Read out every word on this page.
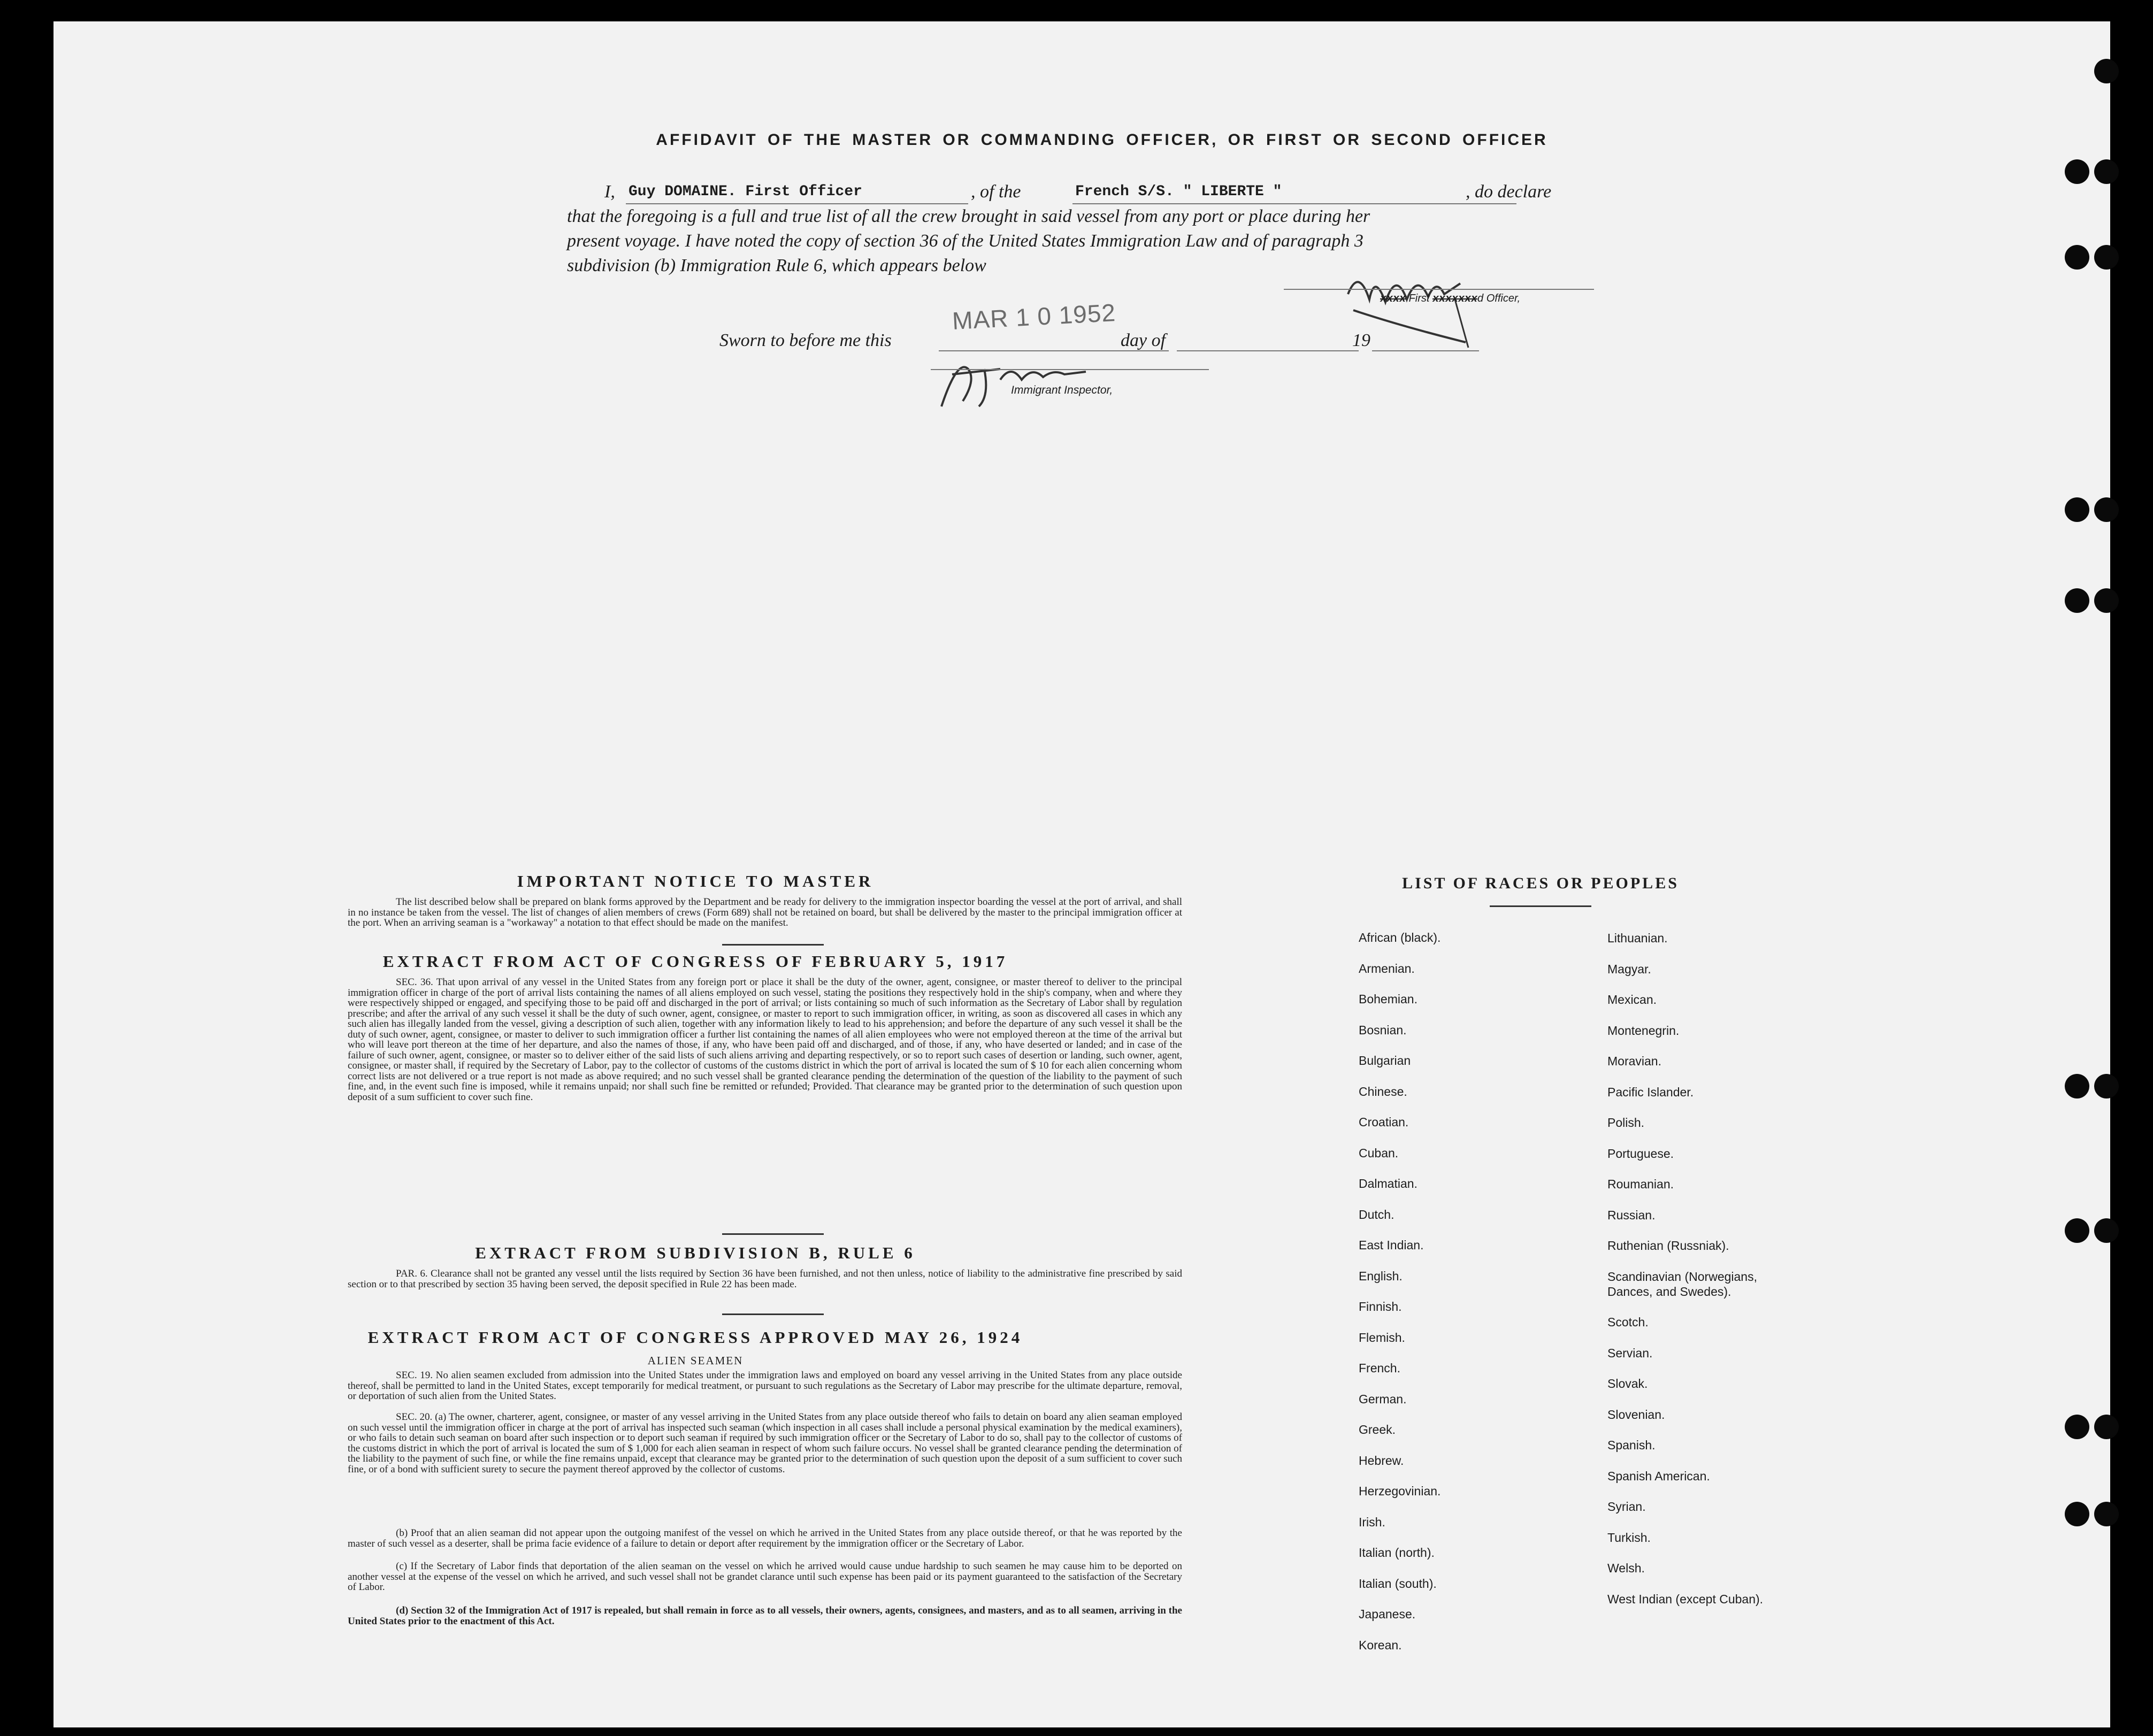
AFFIDAVIT OF THE MASTER OR COMMANDING OFFICER, OR FIRST OR SECOND OFFICER
I, Guy DOMAINE. First Officer	, of the	French S/S. " LIBERTE "	, do declare
that the foregoing is a full and true list of all the crew brought in said vessel from any port or place during her
present voyage. I have noted the copy of section 36 of the United States Immigration Law and of paragraph 3
subdivision (b) Immigration Rule 6, which appears below
xxxx First xxxxxxxd Officer,
MAR 1 0 1952
Sworn to before me this	day of	19
Immigrant Inspector,
IMPORTANT NOTICE TO MASTER
The list described below shall be prepared on blank forms approved by the Department and be ready for delivery to the immigration inspector boarding the vessel at the port of arrival, and shall in no instance be taken from the vessel. The list of changes of alien members of crews (Form 689) shall not be retained on board, but shall be delivered by the master to the principal immigration officer at the port. When an arriving seaman is a "workaway" a notation to that effect should be made on the manifest.
EXTRACT FROM ACT OF CONGRESS OF FEBRUARY 5, 1917
SEC. 36. That upon arrival of any vessel in the United States from any foreign port or place it shall be the duty of the owner, agent, consignee, or master thereof to deliver to the principal immigration officer in charge of the port of arrival lists containing the names of all aliens employed on such vessel, stating the positions they respectively hold in the ship's company, when and where they were respectively shipped or engaged, and specifying those to be paid off and discharged in the port of arrival; or lists containing so much of such information as the Secretary of Labor shall by regulation prescribe; and after the arrival of any such vessel it shall be the duty of such owner, agent, consignee, or master to report to such immigration officer, in writing, as soon as discovered all cases in which any such alien has illegally landed from the vessel, giving a description of such alien, together with any information likely to lead to his apprehension; and before the departure of any such vessel it shall be the duty of such owner, agent, consignee, or master to deliver to such immigration officer a further list containing the names of all alien employees who were not employed thereon at the time of the arrival but who will leave port thereon at the time of her departure, and also the names of those, if any, who have been paid off and discharged, and of those, if any, who have deserted or landed; and in case of the failure of such owner, agent, consignee, or master so to deliver either of the said lists of such aliens arriving and departing respectively, or so to report such cases of desertion or landing, such owner, agent, consignee, or master shall, if required by the Secretary of Labor, pay to the collector of customs of the customs district in which the port of arrival is located the sum of $ 10 for each alien concerning whom correct lists are not delivered or a true report is not made as above required; and no such vessel shall be granted clearance pending the determination of the question of the liability to the payment of such fine, and, in the event such fine is imposed, while it remains unpaid; nor shall such fine be remitted or refunded; Provided. That clearance may be granted prior to the determination of such question upon deposit of a sum sufficient to cover such fine.
EXTRACT FROM SUBDIVISION B, RULE 6
PAR. 6. Clearance shall not be granted any vessel until the lists required by Section 36 have been furnished, and not then unless, notice of liability to the administrative fine prescribed by said section or to that prescribed by section 35 having been served, the deposit specified in Rule 22 has been made.
EXTRACT FROM ACT OF CONGRESS APPROVED MAY 26, 1924
ALIEN SEAMEN
SEC. 19. No alien seamen excluded from admission into the United States under the immigration laws and employed on board any vessel arriving in the United States from any place outside thereof, shall be permitted to land in the United States, except temporarily for medical treatment, or pursuant to such regulations as the Secretary of Labor may prescribe for the ultimate departure, removal, or deportation of such alien from the United States.
SEC. 20. (a) The owner, charterer, agent, consignee, or master of any vessel arriving in the United States from any place outside thereof who fails to detain on board any alien seaman employed on such vessel until the immigration officer in charge at the port of arrival has inspected such seaman (which inspection in all cases shall include a personal physical examination by the medical examiners), or who fails to detain such seaman on board after such inspection or to deport such seaman if required by such immigration officer or the Secretary of Labor to do so, shall pay to the collector of customs of the customs district in which the port of arrival is located the sum of $ 1,000 for each alien seaman in respect of whom such failure occurs. No vessel shall be granted clearance pending the determination of the liability to the payment of such fine, or while the fine remains unpaid, except that clearance may be granted prior to the determination of such question upon the deposit of a sum sufficient to cover such fine, or of a bond with sufficient surety to secure the payment thereof approved by the collector of customs.
(b) Proof that an alien seaman did not appear upon the outgoing manifest of the vessel on which he arrived in the United States from any place outside thereof, or that he was reported by the master of such vessel as a deserter, shall be prima facie evidence of a failure to detain or deport after requirement by the immigration officer or the Secretary of Labor.
(c) If the Secretary of Labor finds that deportation of the alien seaman on the vessel on which he arrived would cause undue hardship to such seamen he may cause him to be deported on another vessel at the expense of the vessel on which he arrived, and such vessel shall not be grandet clarance until such expense has been paid or its payment guaranteed to the satisfaction of the Secretary of Labor.
(d) Section 32 of the Immigration Act of 1917 is repealed, but shall remain in force as to all vessels, their owners, agents, consignees, and masters, and as to all seamen, arriving in the United States prior to the enactment of this Act.
LIST OF RACES OR PEOPLES
African (black).
Armenian.
Bohemian.
Bosnian.
Bulgarian
Chinese.
Croatian.
Cuban.
Dalmatian.
Dutch.
East Indian.
English.
Finnish.
Flemish.
French.
German.
Greek.
Hebrew.
Herzegovinian.
Irish.
Italian (north).
Italian (south).
Japanese.
Korean.
Lithuanian.
Magyar.
Mexican.
Montenegrin.
Moravian.
Pacific Islander.
Polish.
Portuguese.
Roumanian.
Russian.
Ruthenian (Russniak).
Scandinavian (Norwegians, Dances, and Swedes).
Scotch.
Servian.
Slovak.
Slovenian.
Spanish.
Spanish American.
Syrian.
Turkish.
Welsh.
West Indian (except Cuban).
